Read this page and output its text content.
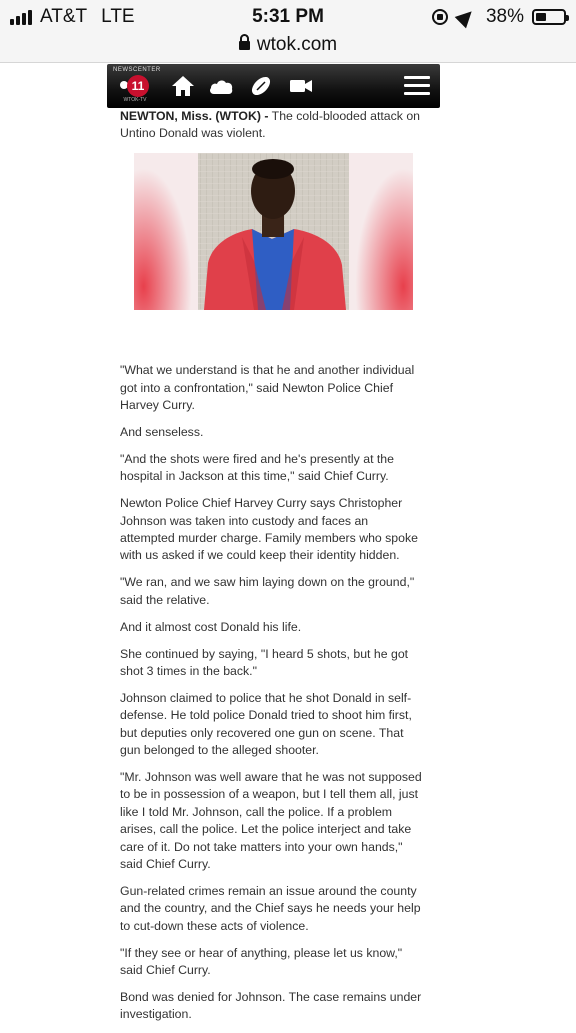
AT&T LTE	5:31 PM	38%
wtok.com
NEWSCENTER
11
WTOK-TV

NEWTON, Miss. (WTOK) - The cold-blooded attack on Untino Donald was violent.

"What we understand is that he and another individual got into a confrontation," said Newton Police Chief Harvey Curry.

And senseless.

"And the shots were fired and he's presently at the hospital in Jackson at this time," said Chief Curry.

Newton Police Chief Harvey Curry says Christopher Johnson was taken into custody and faces an attempted murder charge. Family members who spoke with us asked if we could keep their identity hidden.

"We ran, and we saw him laying down on the ground," said the relative.

And it almost cost Donald his life.

She continued by saying, "I heard 5 shots, but he got shot 3 times in the back."

Johnson claimed to police that he shot Donald in self-defense. He told police Donald tried to shoot him first, but deputies only recovered one gun on scene. That gun belonged to the alleged shooter.

"Mr. Johnson was well aware that he was not supposed to be in possession of a weapon, but I tell them all, just like I told Mr. Johnson, call the police. If a problem arises, call the police. Let the police interject and take care of it. Do not take matters into your own hands," said Chief Curry.

Gun-related crimes remain an issue around the county and the country, and the Chief says he needs your help to cut-down these acts of violence.

"If they see or hear of anything, please let us know," said Chief Curry.

Bond was denied for Johnson. The case remains under investigation.
